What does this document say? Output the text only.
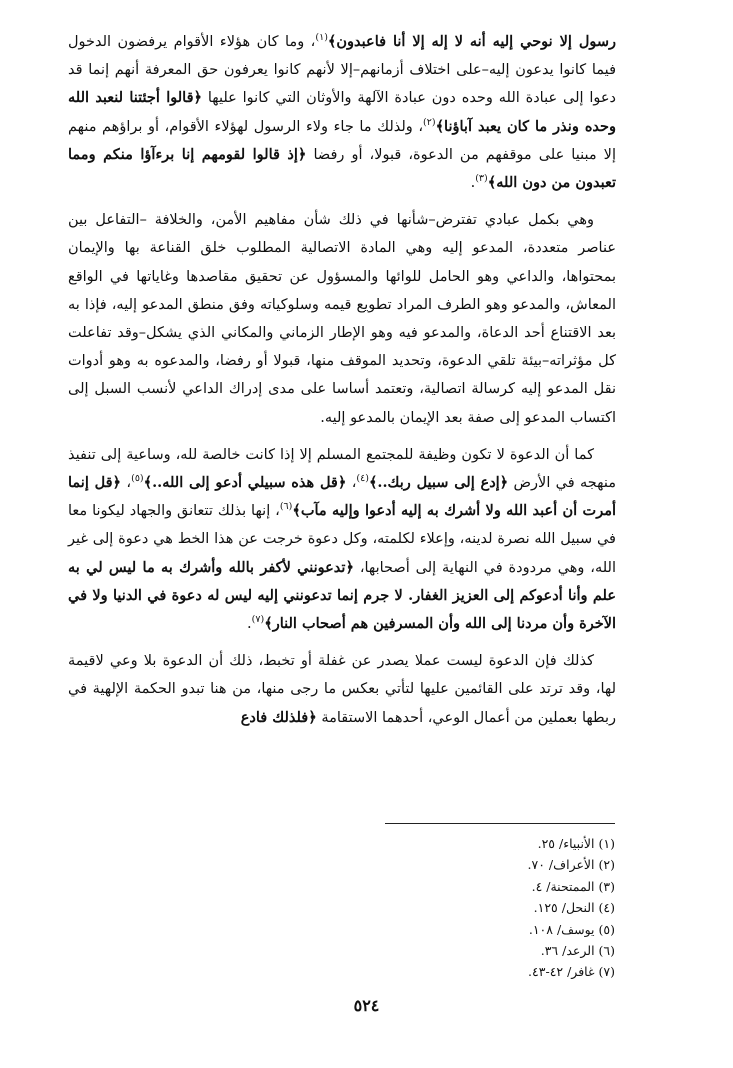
رسول إلا نوحي إليه أنه لا إله إلا أنا فاعبدون﴾$^{(١)}$، وما كان هؤلاء الأقوام يرفضون الدخول فيما كانوا يدعون إليه–على اختلاف أزمانهم–إلا لأنهم كانوا يعرفون حق المعرفة أنهم إنما قد دعوا إلى عبادة الله وحده دون عبادة الآلهة والأوثان التي كانوا عليها ﴿قالوا أجئتنا لنعبد الله وحده ونذر ما كان يعبد آباؤنا﴾$^{(٢)}$، ولذلك ما جاء ولاء الرسول لهؤلاء الأقوام، أو براؤهم منهم إلا مبنيا على موقفهم من الدعوة، قبولا، أو رفضا ﴿إذ قالوا لقومهم إنا برءآؤا منكم ومما تعبدون من دون الله﴾$^{(٣)}$.

وهي بكمل عبادي تفترض–شأنها في ذلك شأن مفاهيم الأمن، والخلافة –التفاعل بين عناصر متعددة، المدعو إليه وهي المادة الاتصالية المطلوب خلق القناعة بها والإيمان بمحتواها، والداعي وهو الحامل للوائها والمسؤول عن تحقيق مقاصدها وغاياتها في الواقع المعاش، والمدعو وهو الطرف المراد تطويع قيمه وسلوكياته وفق منطق المدعو إليه، فإذا به بعد الاقتناع أحد الدعاة، والمدعو فيه وهو الإطار الزماني والمكاني الذي يشكل–وقد تفاعلت كل مؤثراته–بيئة تلقي الدعوة، وتحديد الموقف منها، قبولا أو رفضا، والمدعوه به وهو أدوات نقل المدعو إليه كرسالة اتصالية، وتعتمد أساسا على مدى إدراك الداعي لأنسب السبل إلى اكتساب المدعو إلى صفة بعد الإيمان بالمدعو إليه.

كما أن الدعوة لا تكون وظيفة للمجتمع المسلم إلا إذا كانت خالصة لله، وساعية إلى تنفيذ منهجه في الأرض ﴿إدع إلى سبيل ربك..﴾$^{(٤)}$، ﴿قل هذه سبيلي أدعو إلى الله..﴾$^{(٥)}$، ﴿قل إنما أمرت أن أعبد الله ولا أشرك به إليه أدعوا وإليه مآب﴾$^{(٦)}$، إنها بذلك تتعانق والجهاد ليكونا معا في سبيل الله نصرة لدينه، وإعلاء لكلمته، وكل دعوة خرجت عن هذا الخط هي دعوة إلى غير الله، وهي مردودة في النهاية إلى أصحابها، ﴿تدعونني لأكفر بالله وأشرك به ما ليس لي به علم وأنا أدعوكم إلى العزيز الغفار. لا جرم إنما تدعونني إليه ليس له دعوة في الدنيا ولا في الآخرة وأن مردنا إلى الله وأن المسرفين هم أصحاب النار﴾$^{(٧)}$.

كذلك فإن الدعوة ليست عملا يصدر عن غفلة أو تخبط، ذلك أن الدعوة بلا وعي لاقيمة لها، وقد ترتد على القائمين عليها لتأتي بعكس ما رجى منها، من هنا تبدو الحكمة الإلهية في ربطها بعملين من أعمال الوعي، أحدهما الاستقامة ﴿فلذلك فادع

(١) الأنبياء/ ٢٥.
(٢) الأعراف/ ٧٠.
(٣) الممتحنة/ ٤.
(٤) النحل/ ١٢٥.
(٥) يوسف/ ١٠٨.
(٦) الرعد/ ٣٦.
(٧) غافر/ ٤٢-٤٣.
٥٢٤
